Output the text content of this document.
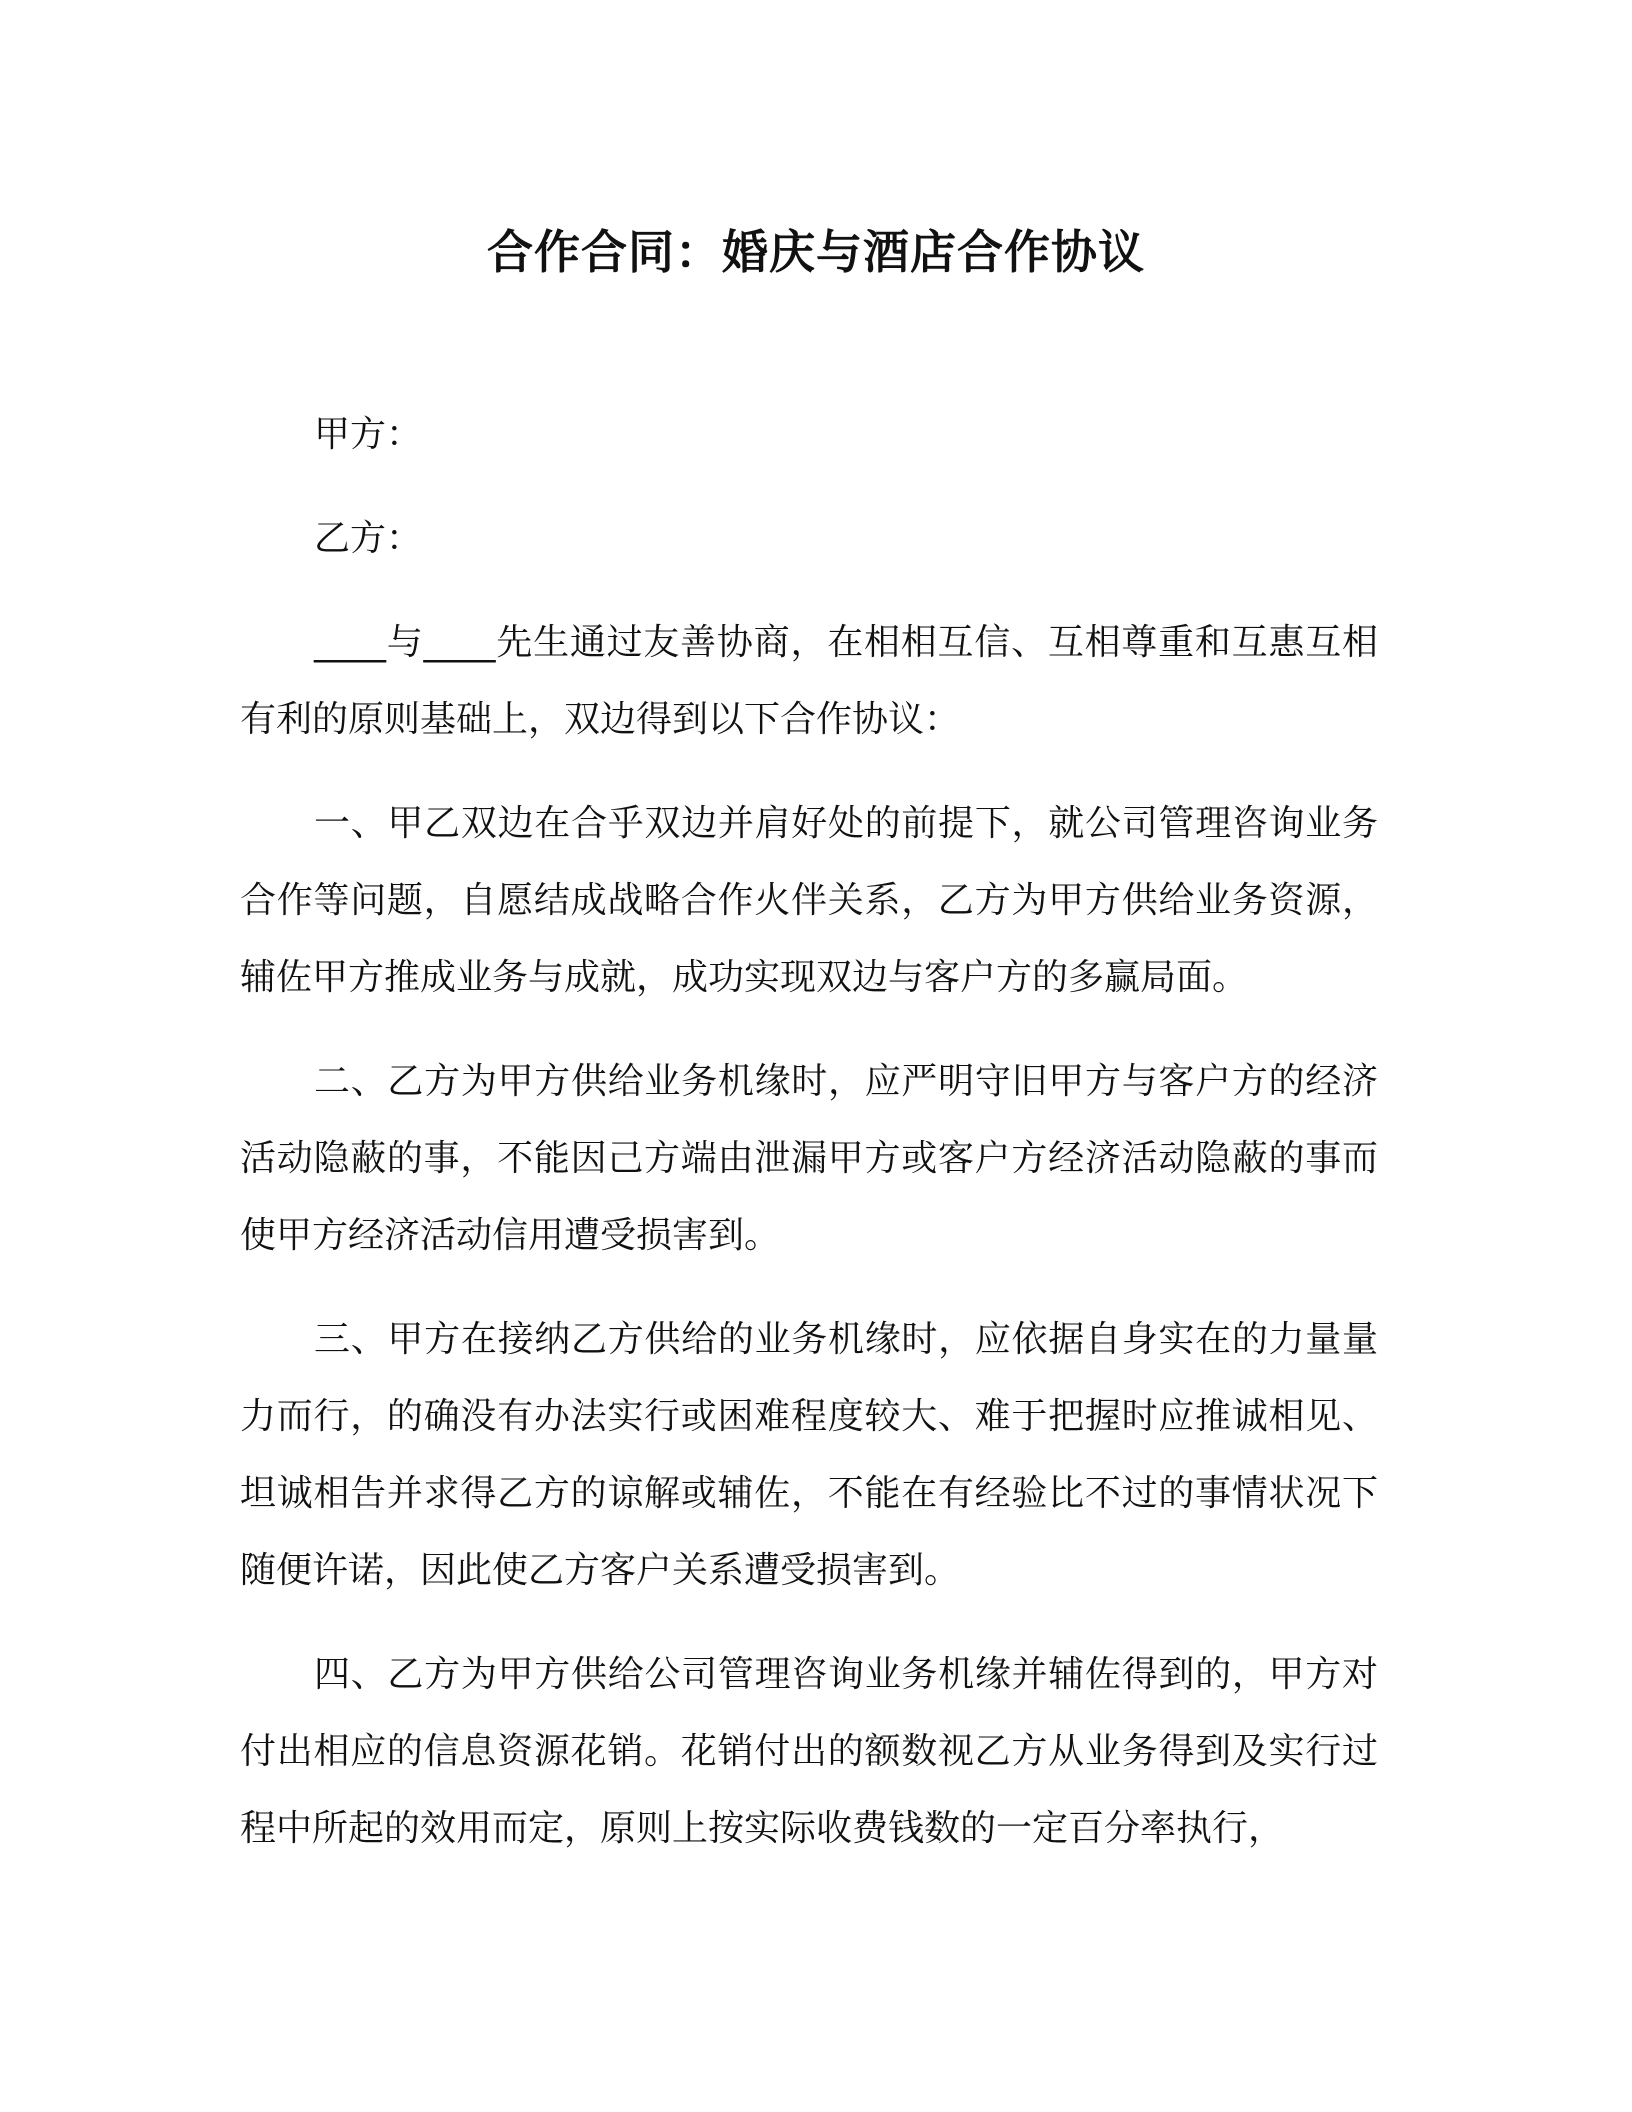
合作合同：婚庆与酒店合作协议

甲方：

乙方：

____与____先生通过友善协商，在相相互信、互相尊重和互惠互相有利的原则基础上，双边得到以下合作协议：

一、甲乙双边在合乎双边并肩好处的前提下，就公司管理咨询业务合作等问题，自愿结成战略合作火伴关系，乙方为甲方供给业务资源，辅佐甲方推成业务与成就，成功实现双边与客户方的多赢局面。

二、乙方为甲方供给业务机缘时，应严明守旧甲方与客户方的经济活动隐蔽的事，不能因己方端由泄漏甲方或客户方经济活动隐蔽的事而使甲方经济活动信用遭受损害到。

三、甲方在接纳乙方供给的业务机缘时，应依据自身实在的力量量力而行，的确没有办法实行或困难程度较大、难于把握时应推诚相见、坦诚相告并求得乙方的谅解或辅佐，不能在有经验比不过的事情状况下随便许诺，因此使乙方客户关系遭受损害到。

四、乙方为甲方供给公司管理咨询业务机缘并辅佐得到的，甲方对付出相应的信息资源花销。花销付出的额数视乙方从业务得到及实行过程中所起的效用而定，原则上按实际收费钱数的一定百分率执行，
